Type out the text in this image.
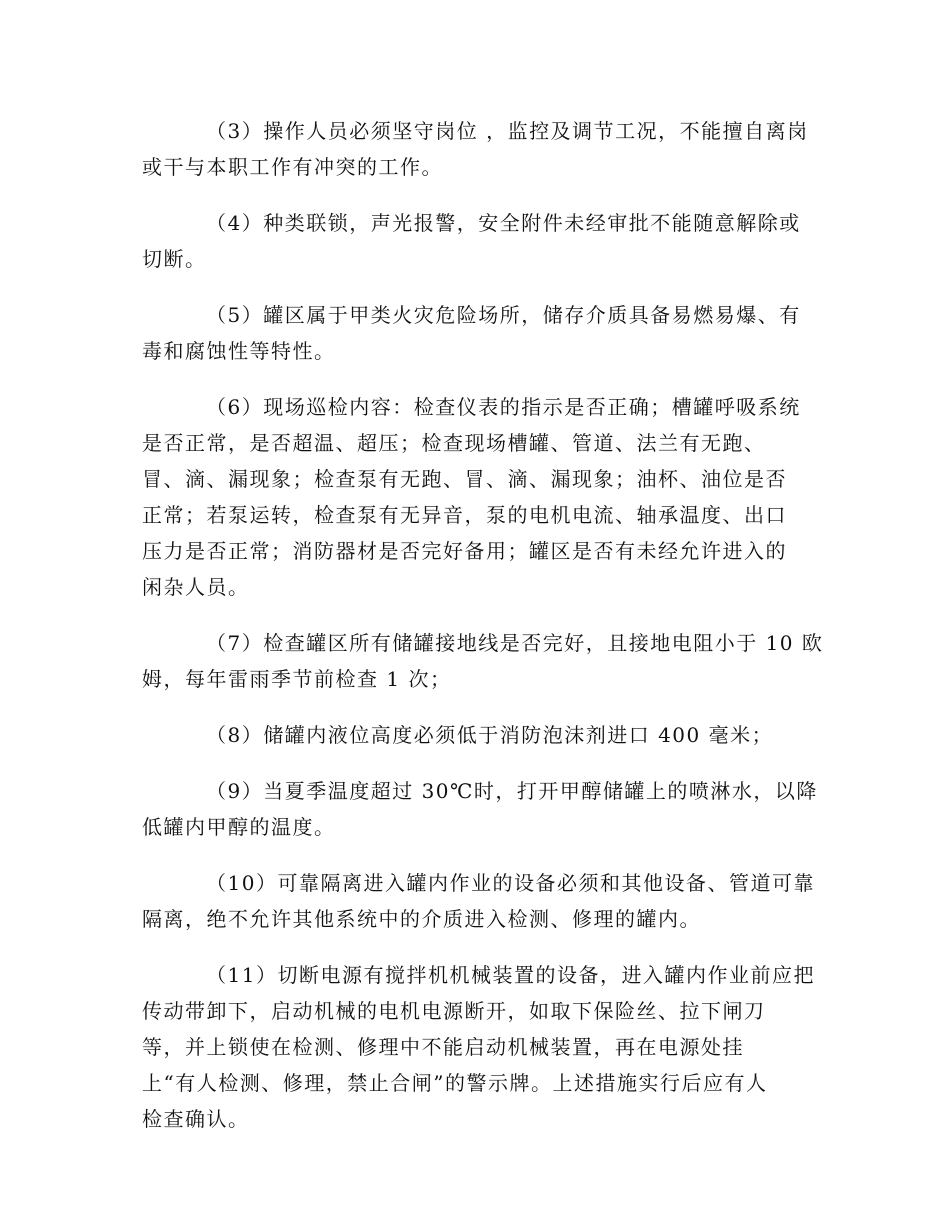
（3）操作人员必须坚守岗位 ，监控及调节工况，不能擅自离岗
或干与本职工作有冲突的工作。
（4）种类联锁，声光报警，安全附件未经审批不能随意解除或
切断。
（5）罐区属于甲类火灾危险场所，储存介质具备易燃易爆、有
毒和腐蚀性等特性。
（6）现场巡检内容：检查仪表的指示是否正确；槽罐呼吸系统
是否正常，是否超温、超压；检查现场槽罐、管道、法兰有无跑、
冒、滴、漏现象；检查泵有无跑、冒、滴、漏现象；油杯、油位是否
正常；若泵运转，检查泵有无异音，泵的电机电流、轴承温度、出口
压力是否正常；消防器材是否完好备用；罐区是否有未经允许进入的
闲杂人员。
（7）检查罐区所有储罐接地线是否完好，且接地电阻小于 10 欧
姆，每年雷雨季节前检查 1 次；
（8）储罐内液位高度必须低于消防泡沫剂进口 400 毫米；
（9）当夏季温度超过 30℃时，打开甲醇储罐上的喷淋水，以降
低罐内甲醇的温度。
（10）可靠隔离进入罐内作业的设备必须和其他设备、管道可靠
隔离，绝不允许其他系统中的介质进入检测、修理的罐内。
（11）切断电源有搅拌机机械装置的设备，进入罐内作业前应把
传动带卸下，启动机械的电机电源断开，如取下保险丝、拉下闸刀
等，并上锁使在检测、修理中不能启动机械装置，再在电源处挂
上“有人检测、修理，禁止合闸”的警示牌。上述措施实行后应有人
检查确认。
